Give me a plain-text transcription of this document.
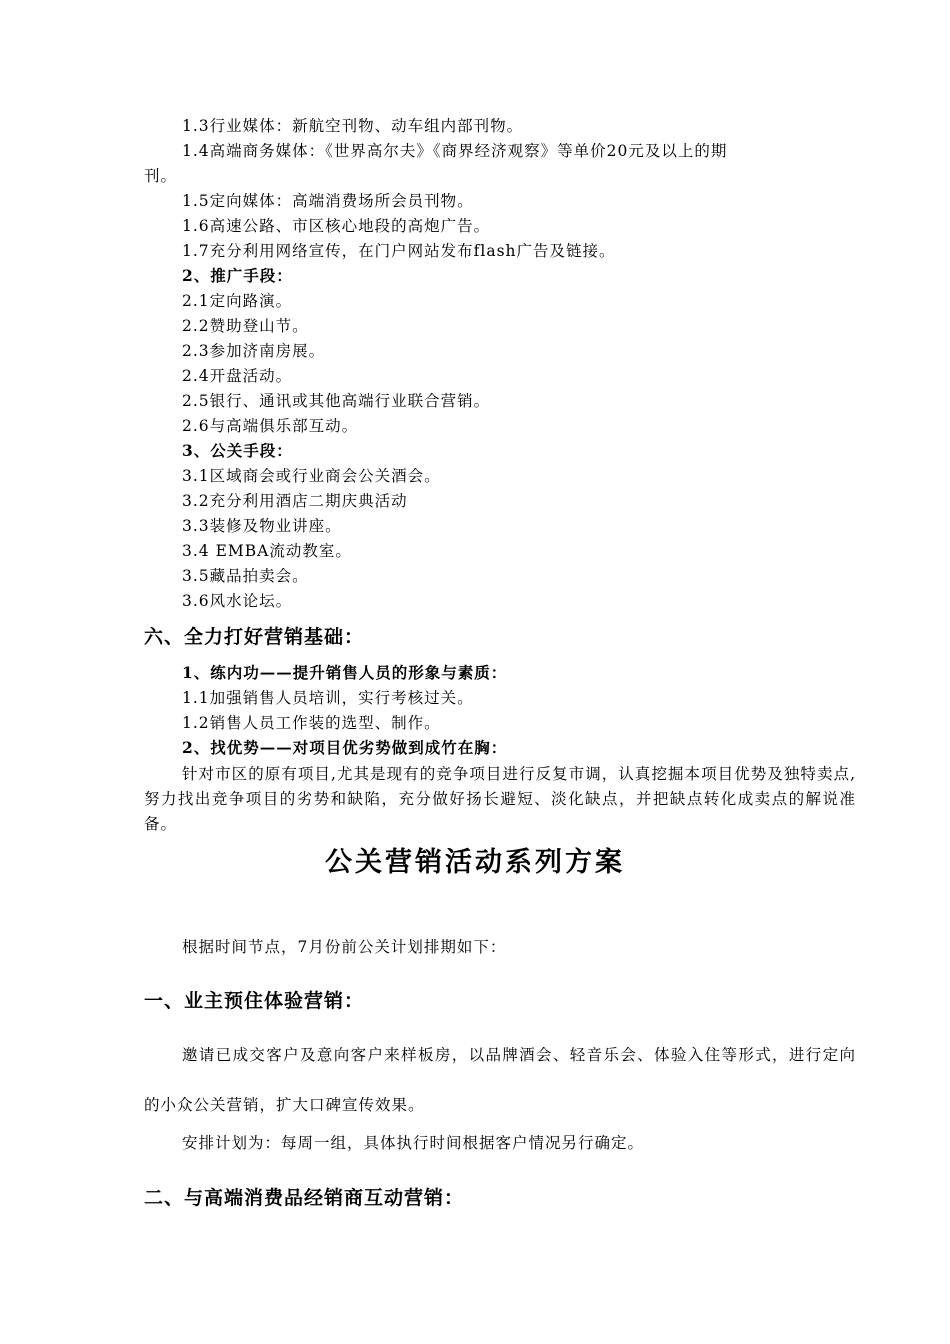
1.3行业媒体：新航空刊物、动车组内部刊物。
1.4高端商务媒体：《世界高尔夫》《商界经济观察》等单价20元及以上的期
刊。
1.5定向媒体：高端消费场所会员刊物。
1.6高速公路、市区核心地段的高炮广告。
1.7充分利用网络宣传，在门户网站发布flash广告及链接。
2、推广手段：
2.1定向路演。
2.2赞助登山节。
2.3参加济南房展。
2.4开盘活动。
2.5银行、通讯或其他高端行业联合营销。
2.6与高端俱乐部互动。
3、公关手段：
3.1区域商会或行业商会公关酒会。
3.2充分利用酒店二期庆典活动
3.3装修及物业讲座。
3.4 EMBA流动教室。
3.5藏品拍卖会。
3.6风水论坛。
六、全力打好营销基础：
1、练内功——提升销售人员的形象与素质：
1.1加强销售人员培训，实行考核过关。
1.2销售人员工作装的选型、制作。
2、找优势——对项目优劣势做到成竹在胸：
针对市区的原有项目,尤其是现有的竞争项目进行反复市调，认真挖掘本项目优势及独特卖点,努力找出竞争项目的劣势和缺陷，充分做好扬长避短、淡化缺点，并把缺点转化成卖点的解说准备。
公关营销活动系列方案
根据时间节点，7月份前公关计划排期如下：
一、业主预住体验营销：
邀请已成交客户及意向客户来样板房，以品牌酒会、轻音乐会、体验入住等形式，进行定向的小众公关营销，扩大口碑宣传效果。
安排计划为：每周一组，具体执行时间根据客户情况另行确定。
二、与高端消费品经销商互动营销：
